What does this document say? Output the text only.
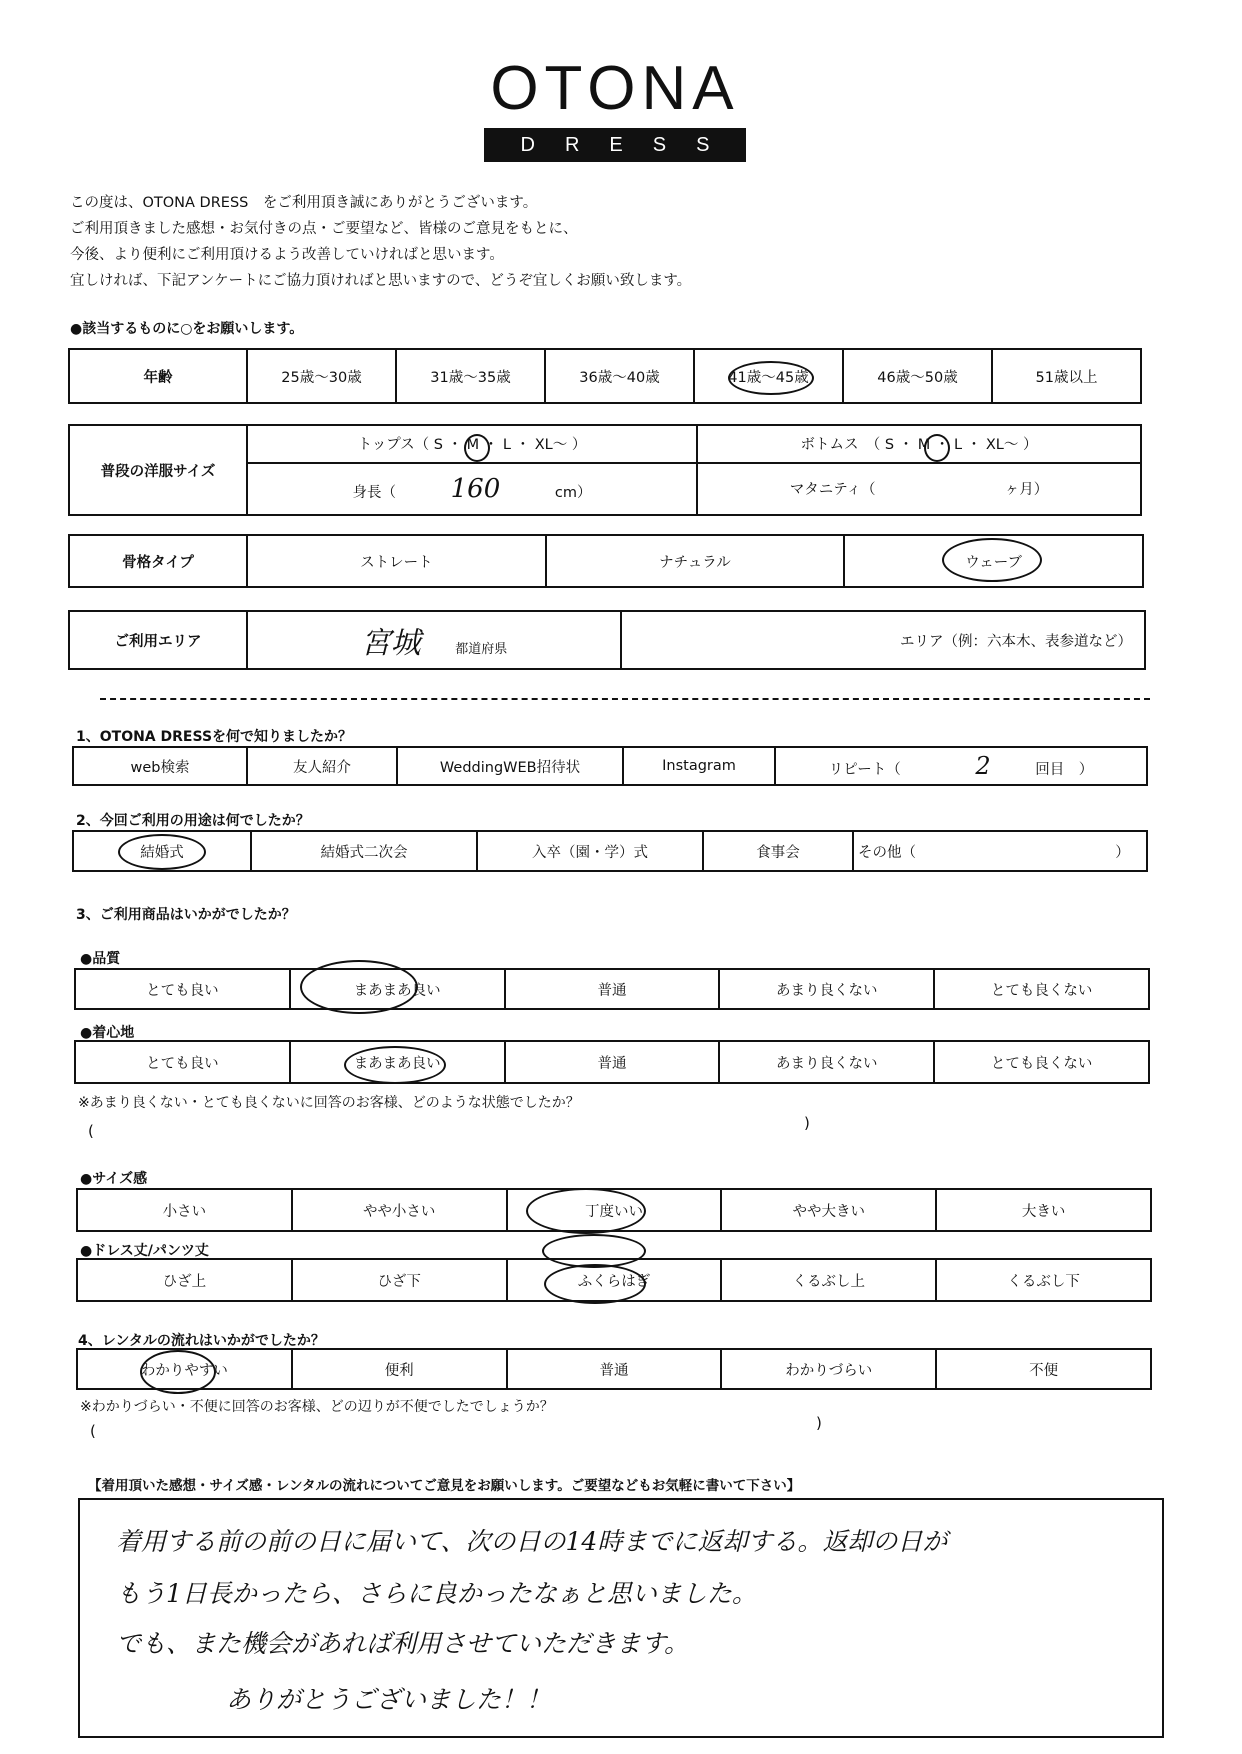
OTONA
DRESS
この度は、OTONA DRESS　をご利用頂き誠にありがとうございます。
ご利用頂きました感想・お気付きの点・ご要望など、皆様のご意見をもとに、
今後、より便利にご利用頂けるよう改善していければと思います。
宜しければ、下記アンケートにご協力頂ければと思いますので、どうぞ宜しくお願い致します。
●該当するものに○をお願いします。
年齢	25歳～30歳	31歳～35歳	36歳～40歳	41歳～45歳	46歳～50歳	51歳以上
普段の洋服サイズ	トップス（ S ・ M ・ L ・ XL～ ）	ボトムス　（ S ・ M ・ L ・ XL～ ）
	身長（ 160 cm）	マタニティ（ ヶ月）
骨格タイプ	ストレート	ナチュラル	ウェーブ
ご利用エリア	宮城	都道府県	エリア（例：六本木、表参道など）
1、OTONA DRESSを何で知りましたか？
web検索	友人紹介	WeddingWEB招待状	Instagram	リピート（	2	回目　）
2、今回ご利用の用途は何でしたか？
結婚式	結婚式二次会	入卒（園・学）式	食事会	その他（	）
3、ご利用商品はいかがでしたか？
●品質
とても良い	まあまあ良い	普通	あまり良くない	とても良くない
●着心地
とても良い	まあまあ良い	普通	あまり良くない	とても良くない
※あまり良くない・とても良くないに回答のお客様、どのような状態でしたか？
(	)
●サイズ感
小さい	やや小さい	丁度いい	やや大きい	大きい
●ドレス丈/パンツ丈
ひざ上	ひざ下	ふくらはぎ	くるぶし上	くるぶし下
4、レンタルの流れはいかがでしたか？
わかりやすい	便利	普通	わかりづらい	不便
※わかりづらい・不便に回答のお客様、どの辺りが不便でしたでしょうか？
(	)
【着用頂いた感想・サイズ感・レンタルの流れについてご意見をお願いします。ご要望などもお気軽に書いて下さい】
着用する前の前の日に届いて、次の日の14時までに返却する。返却の日が
もう1日長かったら、さらに良かったなぁと思いました。
でも、また機会があれば利用させていただきます。
ありがとうございました！！
